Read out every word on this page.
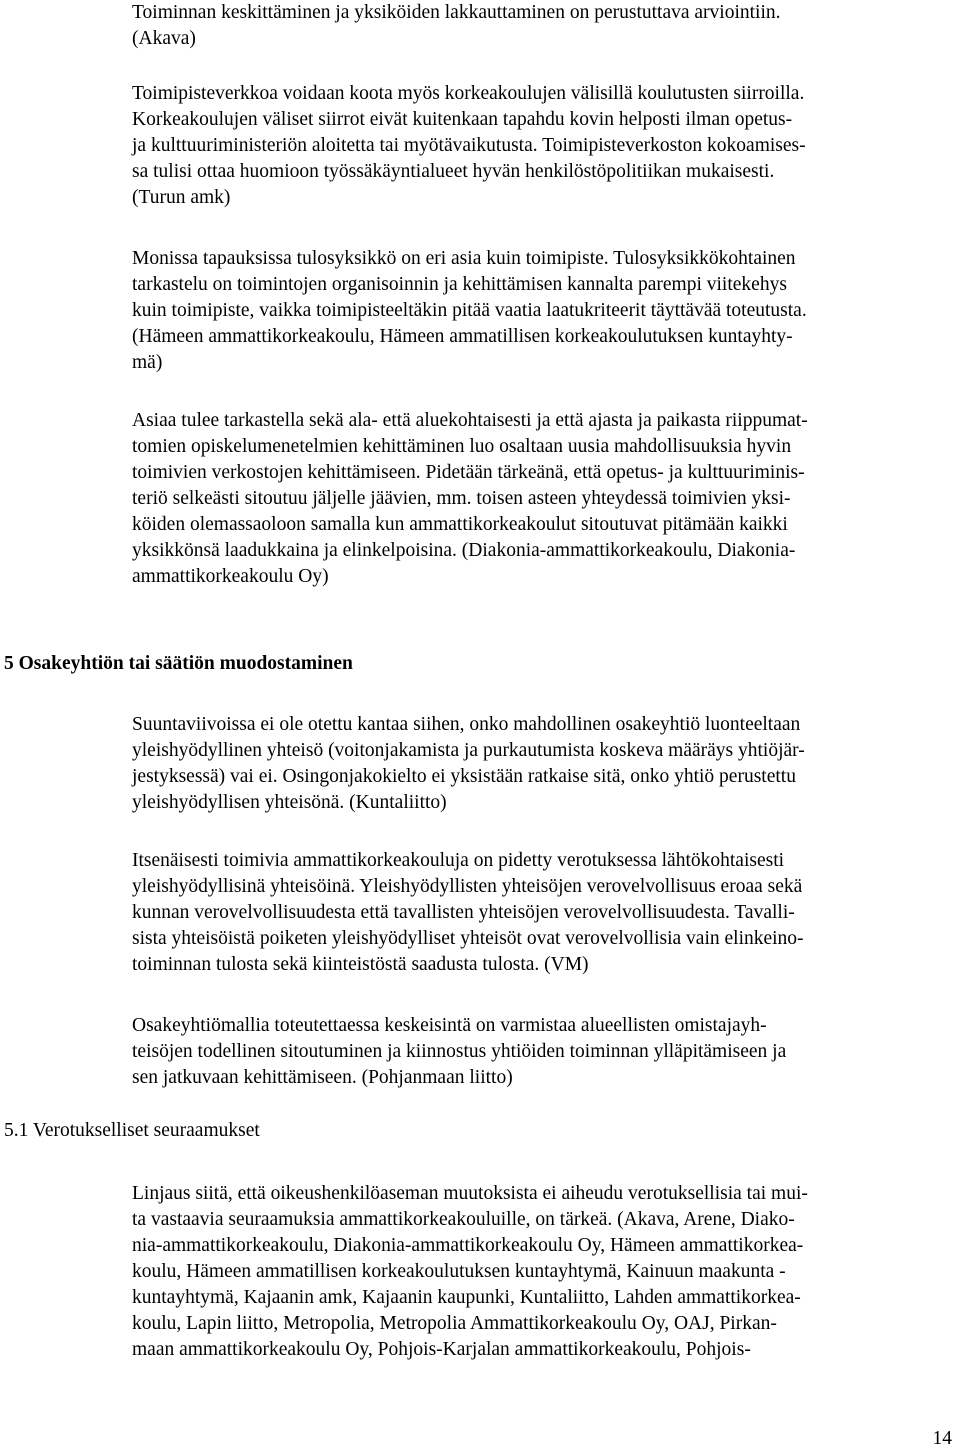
Toiminnan keskittäminen ja yksiköiden lakkauttaminen on perustuttava arviointiin.
(Akava)
Toimipisteverkkoa voidaan koota myös korkeakoulujen välisillä koulutusten siirroilla.
Korkeakoulujen väliset siirrot eivät kuitenkaan tapahdu kovin helposti ilman opetus-
ja kulttuuriministeriön aloitetta tai myötävaikutusta. Toimipisteverkoston kokoamises-
sa tulisi ottaa huomioon työssäkäyntialueet hyvän henkilöstöpolitiikan mukaisesti.
(Turun amk)
Monissa tapauksissa tulosyksikkö on eri asia kuin toimipiste. Tulosyksikkökohtainen
tarkastelu on toimintojen organisoinnin ja kehittämisen kannalta parempi viitekehys
kuin toimipiste, vaikka toimipisteeltäkin pitää vaatia laatukriteerit täyttävää toteutusta.
(Hämeen ammattikorkeakoulu, Hämeen ammatillisen korkeakoulutuksen kuntayhty-
mä)
Asiaa tulee tarkastella sekä ala- että aluekohtaisesti ja että ajasta ja paikasta riippumat-
tomien opiskelumenetelmien kehittäminen luo osaltaan uusia mahdollisuuksia hyvin
toimivien verkostojen kehittämiseen. Pidetään tärkeänä, että opetus- ja kulttuuriminis-
teriö selkeästi sitoutuu jäljelle jäävien, mm. toisen asteen yhteydessä toimivien yksi-
köiden olemassaoloon samalla kun ammattikorkeakoulut sitoutuvat pitämään kaikki
yksikkönsä laadukkaina ja elinkelpoisina. (Diakonia-ammattikorkeakoulu, Diakonia-
ammattikorkeakoulu Oy)
5 Osakeyhtiön tai säätiön muodostaminen
Suuntaviivoissa ei ole otettu kantaa siihen, onko mahdollinen osakeyhtiö luonteeltaan
yleishyödyllinen yhteisö (voitonjakamista ja purkautumista koskeva määräys yhtiöjär-
jestyksessä) vai ei. Osingonjakokielto ei yksistään ratkaise sitä, onko yhtiö perustettu
yleishyödyllisen yhteisönä. (Kuntaliitto)
Itsenäisesti toimivia ammattikorkeakouluja on pidetty verotuksessa lähtökohtaisesti
yleishyödyllisinä yhteisöinä. Yleishyödyllisten yhteisöjen verovelvollisuus eroaa sekä
kunnan verovelvollisuudesta että tavallisten yhteisöjen verovelvollisuudesta. Tavalli-
sista yhteisöistä poiketen yleishyödylliset yhteisöt ovat verovelvollisia vain elinkeino-
toiminnan tulosta sekä kiinteistöstä saadusta tulosta. (VM)
Osakeyhtiömallia toteutettaessa keskeisintä on varmistaa alueellisten omistajayh-
teisöjen todellinen sitoutuminen ja kiinnostus yhtiöiden toiminnan ylläpitämiseen ja
sen jatkuvaan kehittämiseen. (Pohjanmaan liitto)
5.1 Verotukselliset seuraamukset
Linjaus siitä, että oikeushenkilöaseman muutoksista ei aiheudu verotuksellisia tai mui-
ta vastaavia seuraamuksia ammattikorkeakouluille, on tärkeä. (Akava, Arene, Diako-
nia-ammattikorkeakoulu, Diakonia-ammattikorkeakoulu Oy, Hämeen ammattikorkea-
koulu, Hämeen ammatillisen korkeakoulutuksen kuntayhtymä, Kainuun maakunta -
kuntayhtymä, Kajaanin amk, Kajaanin kaupunki, Kuntaliitto, Lahden ammattikorkea-
koulu, Lapin liitto, Metropolia, Metropolia Ammattikorkeakoulu Oy, OAJ, Pirkan-
maan ammattikorkeakoulu Oy, Pohjois-Karjalan ammattikorkeakoulu, Pohjois-
14
